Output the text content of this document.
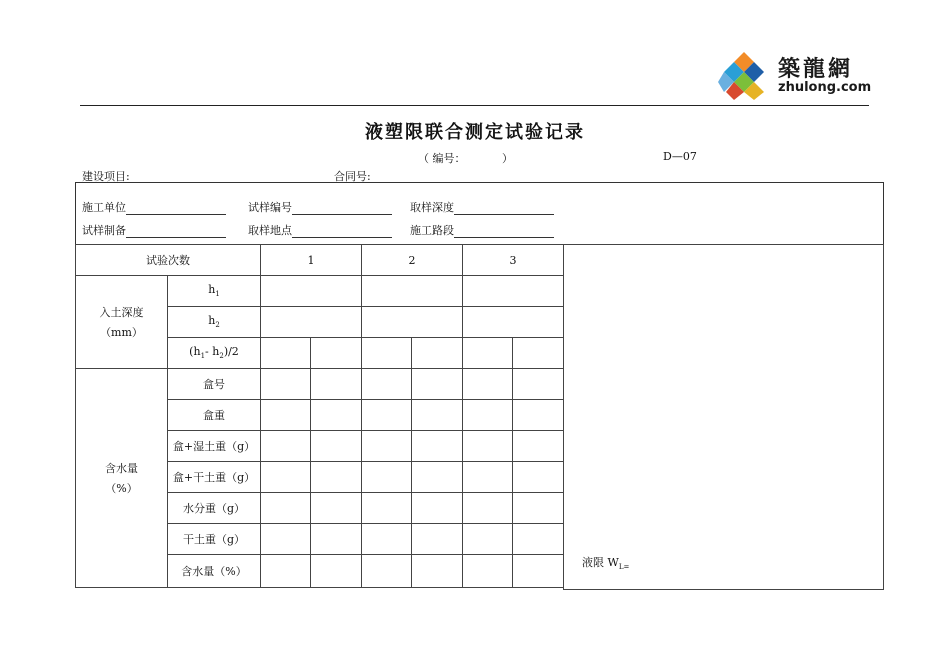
築龍網
zhulong.com
液塑限联合测定试验记录
（ 编号：	）	D—07
建设项目:	合同号:
施工单位	试样编号	取样深度
试样制备	取样地点	施工路段
试验次数		1		2		3	

入土深度
（mm）	$h_1$			
	$h_2$			
	($h_1-$ $h_2)/2$						

含水量
（%）	盒号						
	盒重						
	盒+湿土重（g）						
	盒+干土重（g）						
	水分重（g）						
	干土重（g）						
	含水量（%）						
液限 $W_{L=}$
